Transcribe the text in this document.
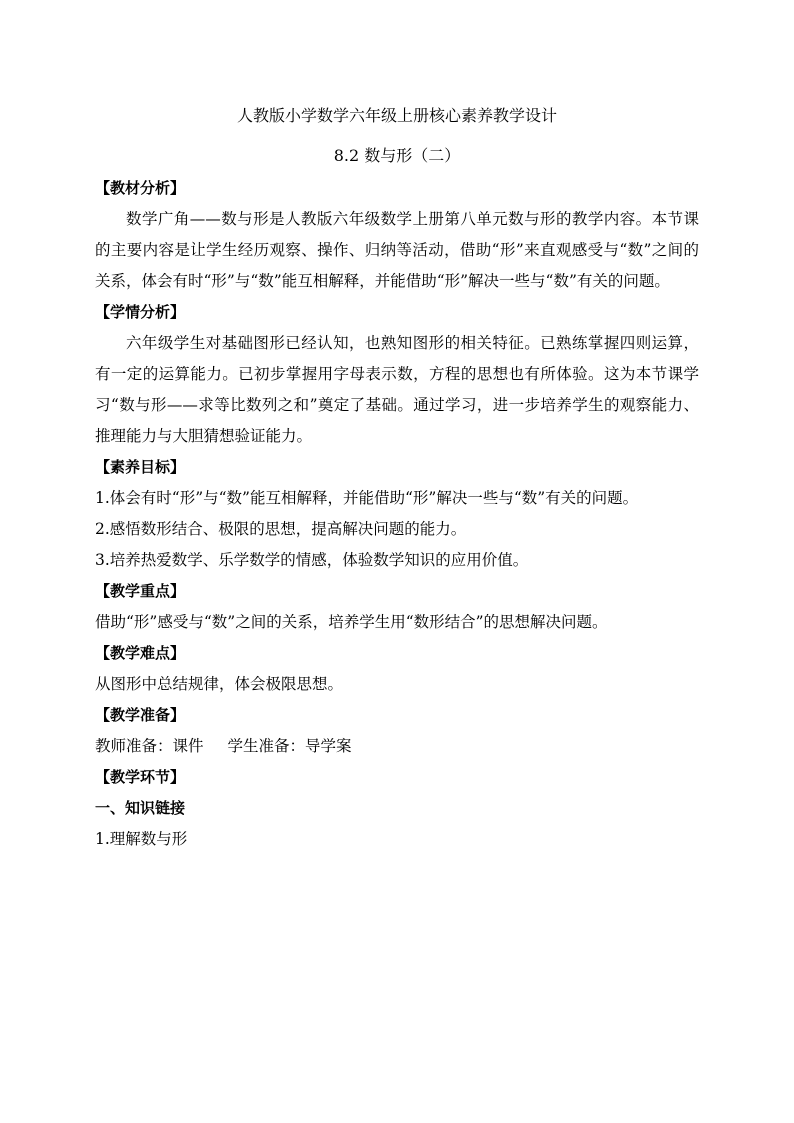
人教版小学数学六年级上册核心素养教学设计

8.2 数与形（二）

【教材分析】

数学广角——数与形是人教版六年级数学上册第八单元数与形的教学内容。本节课的主要内容是让学生经历观察、操作、归纳等活动，借助“形”来直观感受与“数”之间的关系，体会有时“形”与“数”能互相解释，并能借助“形”解决一些与“数”有关的问题。

【学情分析】

六年级学生对基础图形已经认知，也熟知图形的相关特征。已熟练掌握四则运算，有一定的运算能力。已初步掌握用字母表示数，方程的思想也有所体验。这为本节课学习“数与形——求等比数列之和”奠定了基础。通过学习，进一步培养学生的观察能力、推理能力与大胆猜想验证能力。

【素养目标】

1.体会有时“形”与“数”能互相解释，并能借助“形”解决一些与“数”有关的问题。

2.感悟数形结合、极限的思想，提高解决问题的能力。

3.培养热爱数学、乐学数学的情感，体验数学知识的应用价值。

【教学重点】

借助“形”感受与“数”之间的关系，培养学生用“数形结合”的思想解决问题。

【教学难点】

从图形中总结规律，体会极限思想。

【教学准备】

教师准备：课件 学生准备：导学案

【教学环节】

一、知识链接

1.理解数与形
